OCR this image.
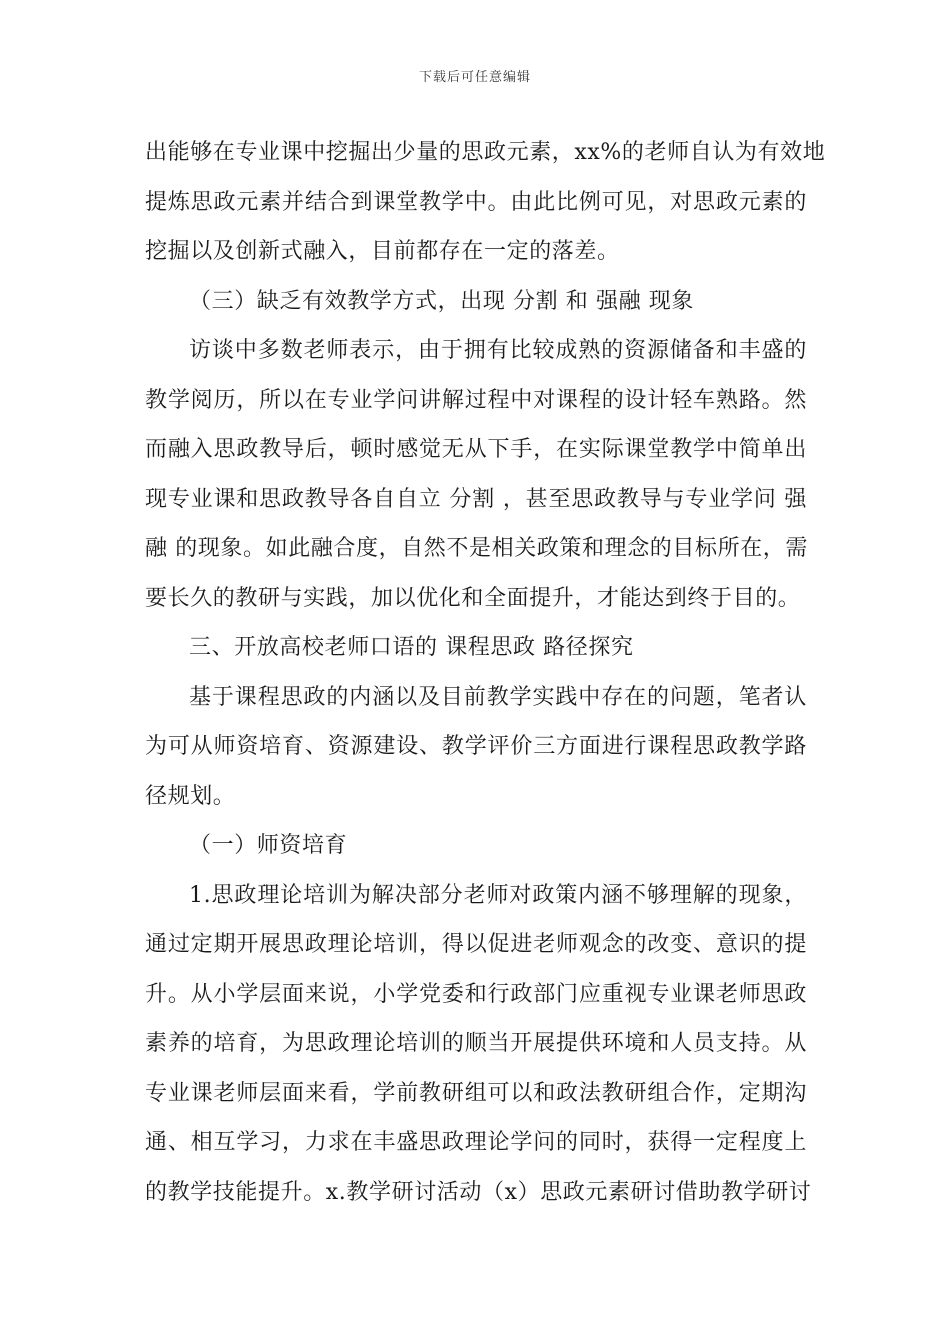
下载后可任意编辑
出能够在专业课中挖掘出少量的思政元素，xx%的老师自认为有效地
提炼思政元素并结合到课堂教学中。由此比例可见，对思政元素的
挖掘以及创新式融入，目前都存在一定的落差。
（三）缺乏有效教学方式，出现 分割 和 强融 现象
访谈中多数老师表示，由于拥有比较成熟的资源储备和丰盛的
教学阅历，所以在专业学问讲解过程中对课程的设计轻车熟路。然
而融入思政教导后，顿时感觉无从下手，在实际课堂教学中简单出
现专业课和思政教导各自自立 分割 ，甚至思政教导与专业学问 强
融 的现象。如此融合度，自然不是相关政策和理念的目标所在，需
要长久的教研与实践，加以优化和全面提升，才能达到终于目的。
三、开放高校老师口语的 课程思政 路径探究
基于课程思政的内涵以及目前教学实践中存在的问题，笔者认
为可从师资培育、资源建设、教学评价三方面进行课程思政教学路
径规划。
（一）师资培育
1.思政理论培训为解决部分老师对政策内涵不够理解的现象，
通过定期开展思政理论培训，得以促进老师观念的改变、意识的提
升。从小学层面来说，小学党委和行政部门应重视专业课老师思政
素养的培育，为思政理论培训的顺当开展提供环境和人员支持。从
专业课老师层面来看，学前教研组可以和政法教研组合作，定期沟
通、相互学习，力求在丰盛思政理论学问的同时，获得一定程度上
的教学技能提升。x.教学研讨活动（x）思政元素研讨借助教学研讨
